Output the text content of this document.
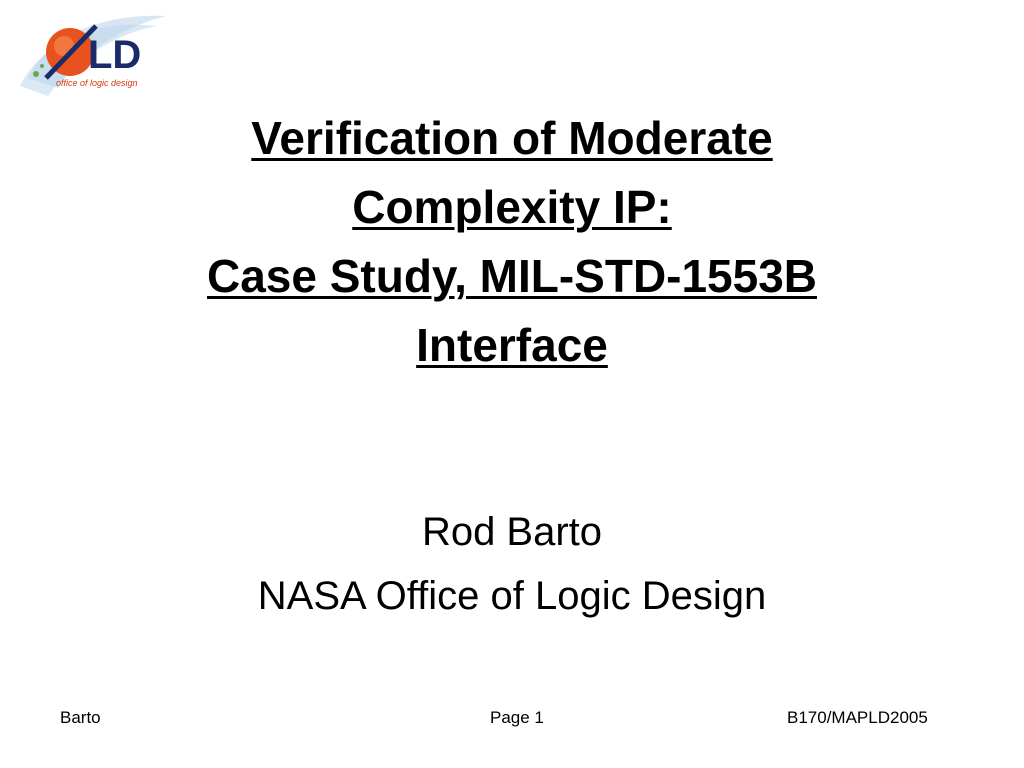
LD
office of logic design
Verification of Moderate
Complexity IP:
Case Study, MIL-STD-1553B
Interface
Rod Barto
NASA Office of Logic Design
Barto	Page 1	B170/MAPLD2005
